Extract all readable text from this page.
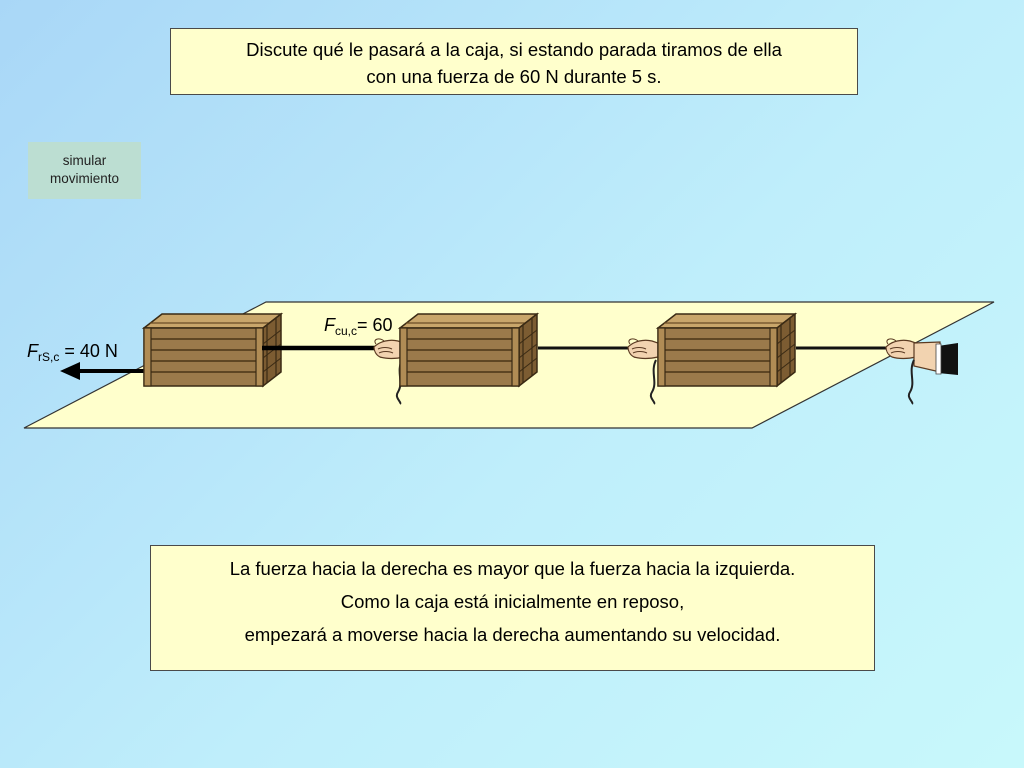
Discute qué le pasará a la caja, si estando parada tiramos de ella
con una fuerza de 60 N durante 5 s.
simular
movimiento
$F_{rS,c} = 40$ N
$F_{cu,c}= 60$

La fuerza hacia la derecha es mayor que la fuerza hacia la izquierda.

Como la caja está inicialmente en reposo,

empezará a moverse hacia la derecha aumentando su velocidad.
